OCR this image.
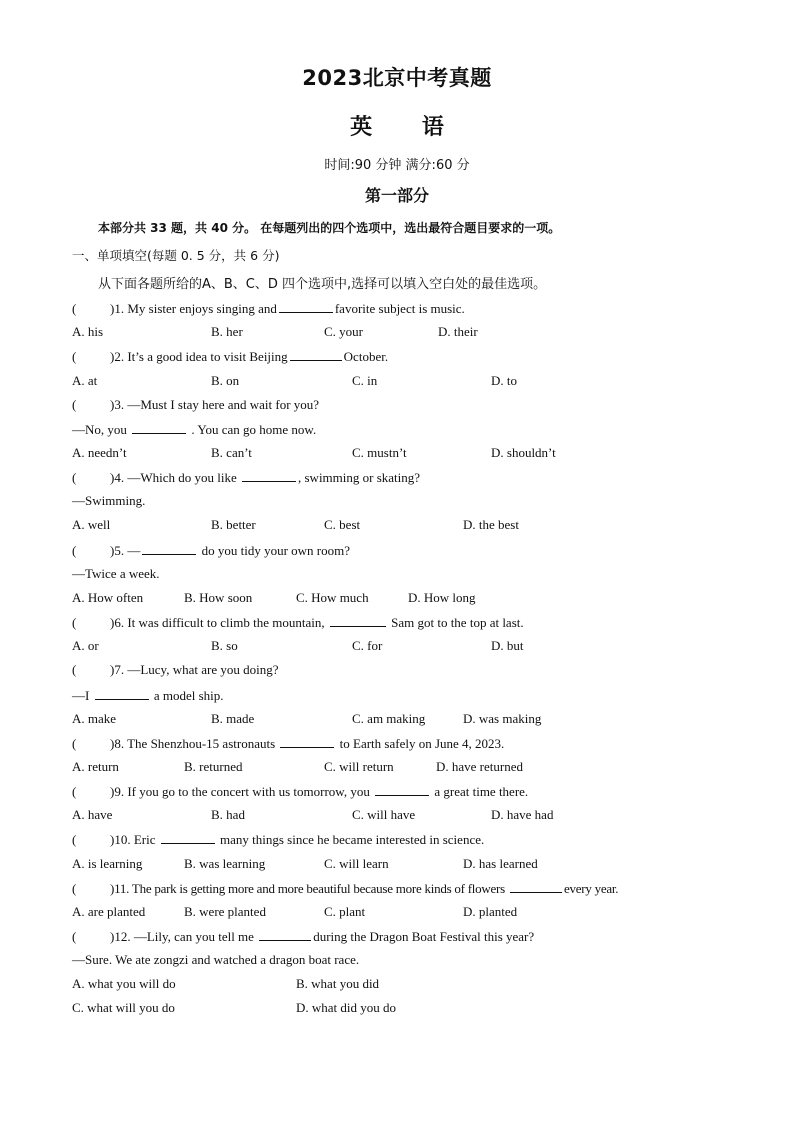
2023北京中考真题
英 语
时间:90 分钟 满分:60 分
第一部分
本部分共 33 题，共 40 分。 在每题列出的四个选项中，选出最符合题目要求的一项。
一、单项填空(每题 0. 5 分，共 6 分)
从下面各题所给的A、B、C、D 四个选项中,选择可以填入空白处的最佳选项。
(	)1. My sister enjoys singing and	favorite subject is music.
A. his	B. her	C. your	D. their
(	)2. It’s a good idea to visit Beijing	October.
A. at	B. on	C. in	D. to
(	)3. —Must I stay here and wait for you?
—No, you	. You can go home now.
A. needn’t	B. can’t	C. mustn’t	D. shouldn’t
(	)4. —Which do you like	, swimming or skating?
—Swimming.
A. well	B. better	C. best	D. the best
(	)5. —	do you tidy your own room?
—Twice a week.
A. How often	B. How soon	C. How much	D. How long
(	)6. It was difficult to climb the mountain,	Sam got to the top at last.
A. or	B. so	C. for	D. but
(	)7. —Lucy, what are you doing?
—I	a model ship.
A. make	B. made	C. am making	D. was making
(	)8. The Shenzhou-15 astronauts	to Earth safely on June 4, 2023.
A. return	B. returned	C. will return	D. have returned
(	)9. If you go to the concert with us tomorrow, you	a great time there.
A. have	B. had	C. will have	D. have had
(	)10. Eric	many things since he became interested in science.
A. is learning	B. was learning	C. will learn	D. has learned
(	)11. The park is getting more and more beautiful because more kinds of flowers	every year.
A. are planted	B. were planted	C. plant	D. planted
(	)12. —Lily, can you tell me	during the Dragon Boat Festival this year?
—Sure. We ate zongzi and watched a dragon boat race.
A. what you will do	B. what you did
C. what will you do	D. what did you do
